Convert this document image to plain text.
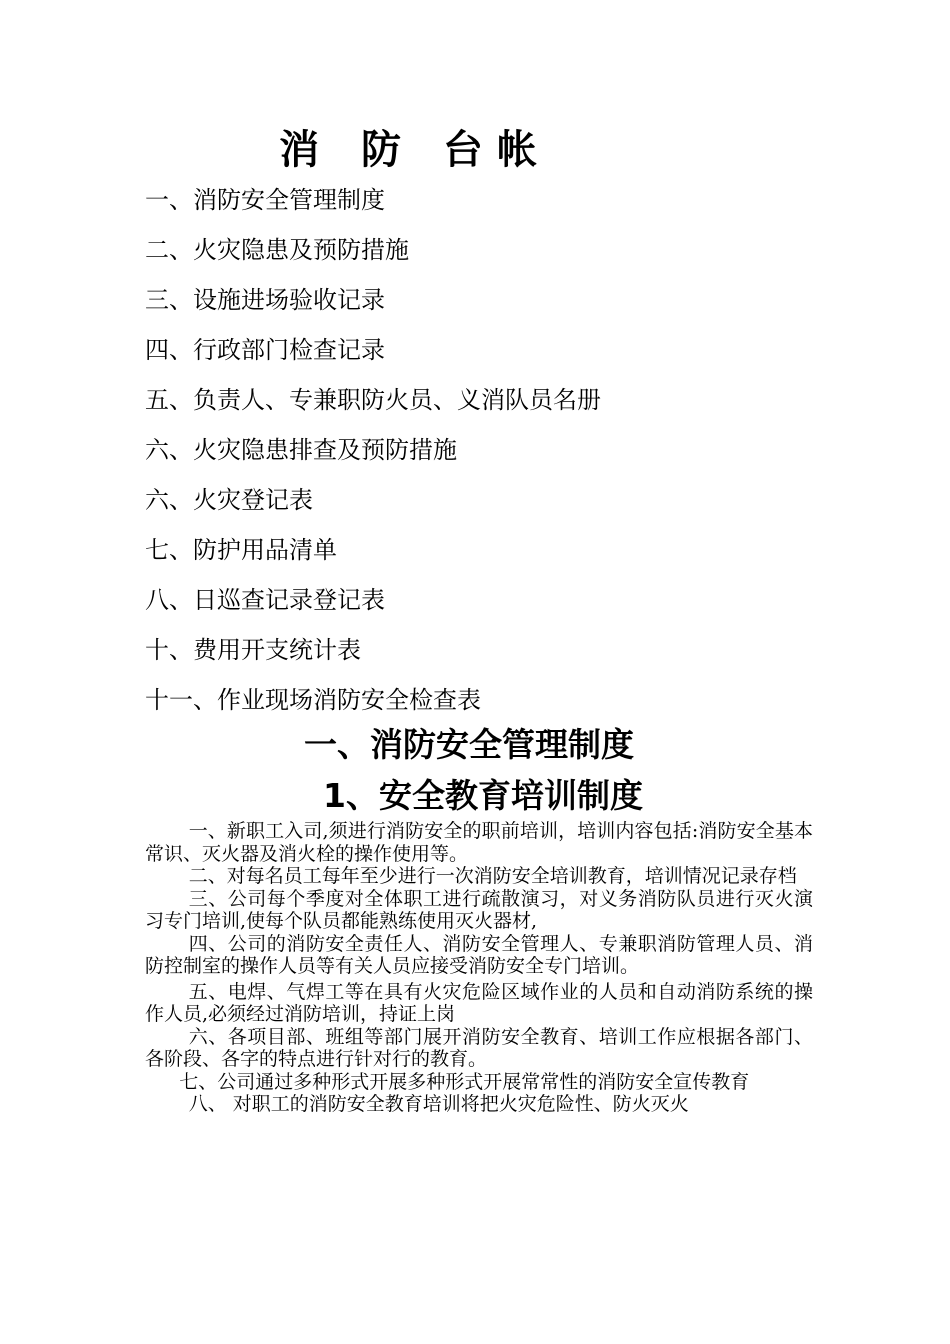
消 防 台帐
一、消防安全管理制度
二、火灾隐患及预防措施
三、设施进场验收记录
四、行政部门检查记录
五、负责人、专兼职防火员、义消队员名册
六、火灾隐患排查及预防措施
六、火灾登记表
七、防护用品清单
八、日巡查记录登记表
十、费用开支统计表
十一、作业现场消防安全检查表
一、消防安全管理制度
1、安全教育培训制度

一、新职工入司,须进行消防安全的职前培训，培训内容包括:消防安全基本常识、灭火器及消火栓的操作使用等。

二、对每名员工每年至少进行一次消防安全培训教育，培训情况记录存档

三、公司每个季度对全体职工进行疏散演习，对义务消防队员进行灭火演习专门培训,使每个队员都能熟练使用灭火器材,

四、公司的消防安全责任人、消防安全管理人、专兼职消防管理人员、消防控制室的操作人员等有关人员应接受消防安全专门培训。

五、电焊、气焊工等在具有火灾危险区域作业的人员和自动消防系统的操作人员,必须经过消防培训，持证上岗

六、各项目部、班组等部门展开消防安全教育、培训工作应根据各部门、各阶段、各字的特点进行针对行的教育。

七、公司通过多种形式开展多种形式开展常常性的消防安全宣传教育

八、 对职工的消防安全教育培训将把火灾危险性、防火灭火
